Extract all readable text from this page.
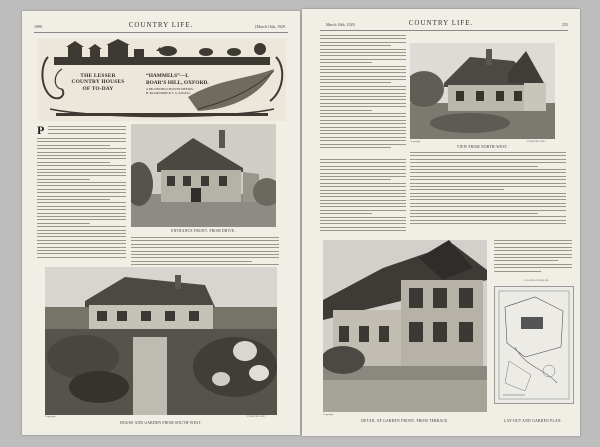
1090	COUNTRY LIFE.	[March 16th, 1929.
THE LESSER
COUNTRY HOUSES
OF TO-DAY
“HAMMELS”—I.
BOAR’S HILL, OXFORD.
A RECONSTRUCTION BY MESSRS.
H. BLAIR IMRIE & T. G. ANGELL.
P
ENTRANCE FRONT, FROM DRIVE.
Copyright.	“COUNTRY LIFE.”
HOUSE AND GARDEN FROM SOUTH-WEST.
March 16th, 1929.	COUNTRY LIFE.	255
Copyright.	“COUNTRY LIFE.”
VIEW FROM NORTH-WEST.
Copyright.
DETAIL OF GARDEN FRONT, FROM TERRACE.
R. RANDAL PHILLIPS.
LAY-OUT AND GARDEN PLAN.
